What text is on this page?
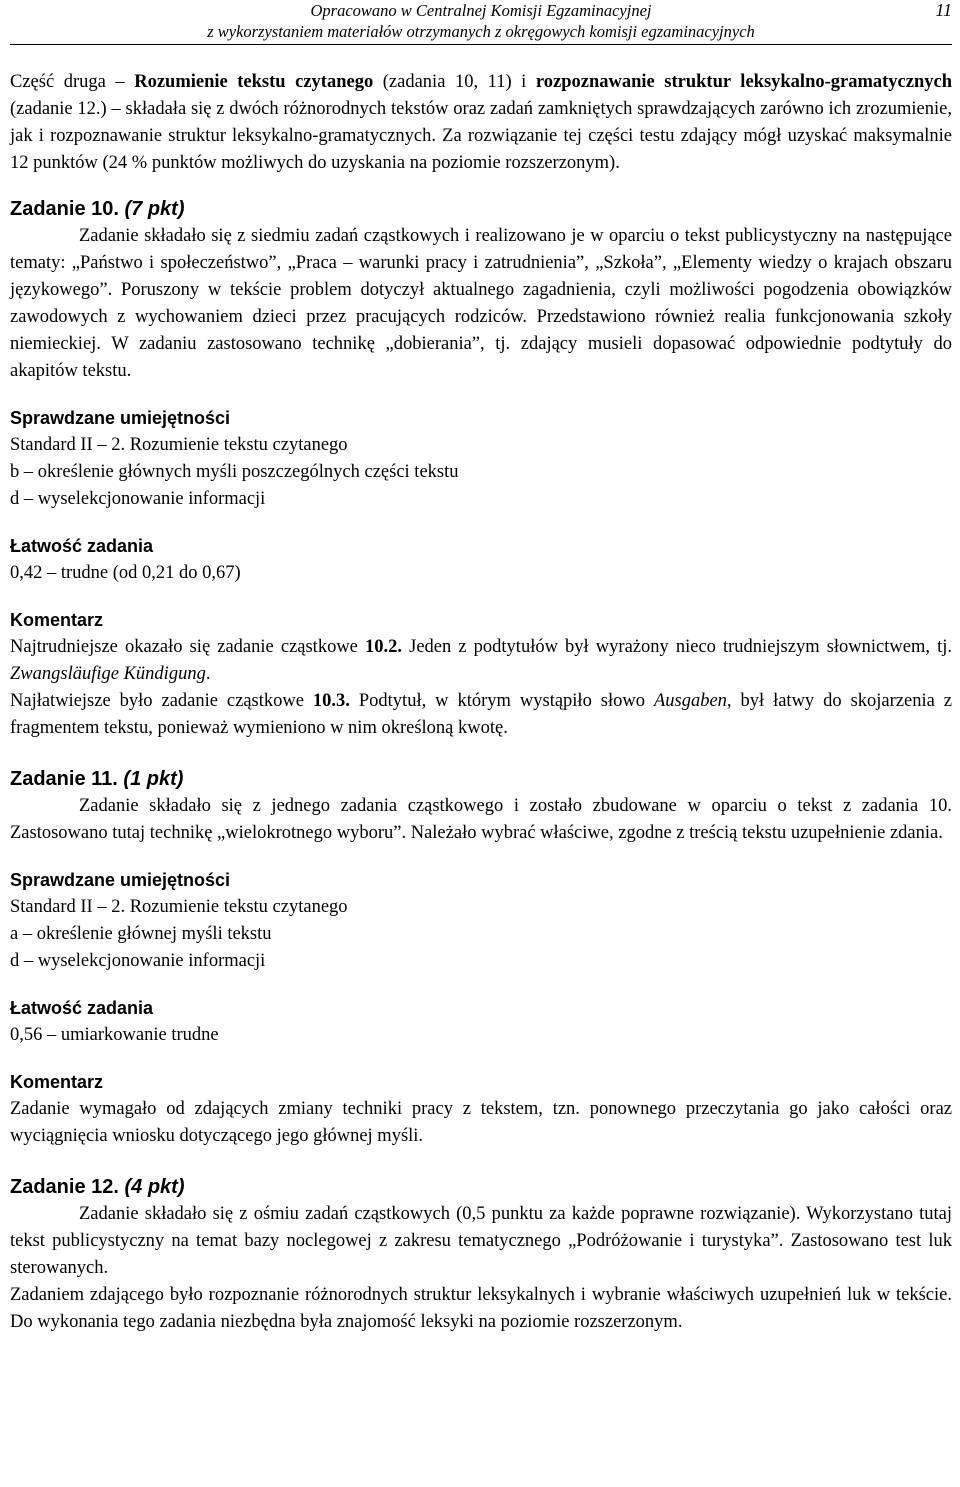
Opracowano w Centralnej Komisji Egzaminacyjnej
z wykorzystaniem materiałów otrzymanych z okręgowych komisji egzaminacyjnych
11
Część druga – Rozumienie tekstu czytanego (zadania 10, 11) i rozpoznawanie struktur leksykalno-gramatycznych (zadanie 12.) – składała się z dwóch różnorodnych tekstów oraz zadań zamkniętych sprawdzających zarówno ich zrozumienie, jak i rozpoznawanie struktur leksykalno-gramatycznych. Za rozwiązanie tej części testu zdający mógł uzyskać maksymalnie 12 punktów (24 % punktów możliwych do uzyskania na poziomie rozszerzonym).
Zadanie 10. (7 pkt)
Zadanie składało się z siedmiu zadań cząstkowych i realizowano je w oparciu o tekst publicystyczny na następujące tematy: „Państwo i społeczeństwo”, „Praca – warunki pracy i zatrudnienia”, „Szkoła”, „Elementy wiedzy o krajach obszaru językowego”. Poruszony w tekście problem dotyczył aktualnego zagadnienia, czyli możliwości pogodzenia obowiązków zawodowych z wychowaniem dzieci przez pracujących rodziców. Przedstawiono również realia funkcjonowania szkoły niemieckiej. W zadaniu zastosowano technikę „dobierania”, tj. zdający musieli dopasować odpowiednie podtytuły do akapitów tekstu.
Sprawdzane umiejętności
Standard II – 2. Rozumienie tekstu czytanego
b – określenie głównych myśli poszczególnych części tekstu
d – wyselekcjonowanie informacji
Łatwość zadania
0,42 – trudne (od 0,21 do 0,67)
Komentarz
Najtrudniejsze okazało się zadanie cząstkowe 10.2. Jeden z podtytułów był wyrażony nieco trudniejszym słownictwem, tj. Zwangsläufige Kündigung.
Najłatwiejsze było zadanie cząstkowe 10.3. Podtytuł, w którym wystąpiło słowo Ausgaben, był łatwy do skojarzenia z fragmentem tekstu, ponieważ wymieniono w nim określoną kwotę.
Zadanie 11. (1 pkt)
Zadanie składało się z jednego zadania cząstkowego i zostało zbudowane w oparciu o tekst z zadania 10. Zastosowano tutaj technikę „wielokrotnego wyboru”. Należało wybrać właściwe, zgodne z treścią tekstu uzupełnienie zdania.
Sprawdzane umiejętności
Standard II – 2. Rozumienie tekstu czytanego
a – określenie głównej myśli tekstu
d – wyselekcjonowanie informacji
Łatwość zadania
0,56 – umiarkowanie trudne
Komentarz
Zadanie wymagało od zdających zmiany techniki pracy z tekstem, tzn. ponownego przeczytania go jako całości oraz wyciągnięcia wniosku dotyczącego jego głównej myśli.
Zadanie 12. (4 pkt)
Zadanie składało się z ośmiu zadań cząstkowych (0,5 punktu za każde poprawne rozwiązanie). Wykorzystano tutaj tekst publicystyczny na temat bazy noclegowej z zakresu tematycznego „Podróżowanie i turystyka”. Zastosowano test luk sterowanych.
Zadaniem zdającego było rozpoznanie różnorodnych struktur leksykalnych i wybranie właściwych uzupełnień luk w tekście. Do wykonania tego zadania niezbędna była znajomość leksyki na poziomie rozszerzonym.
